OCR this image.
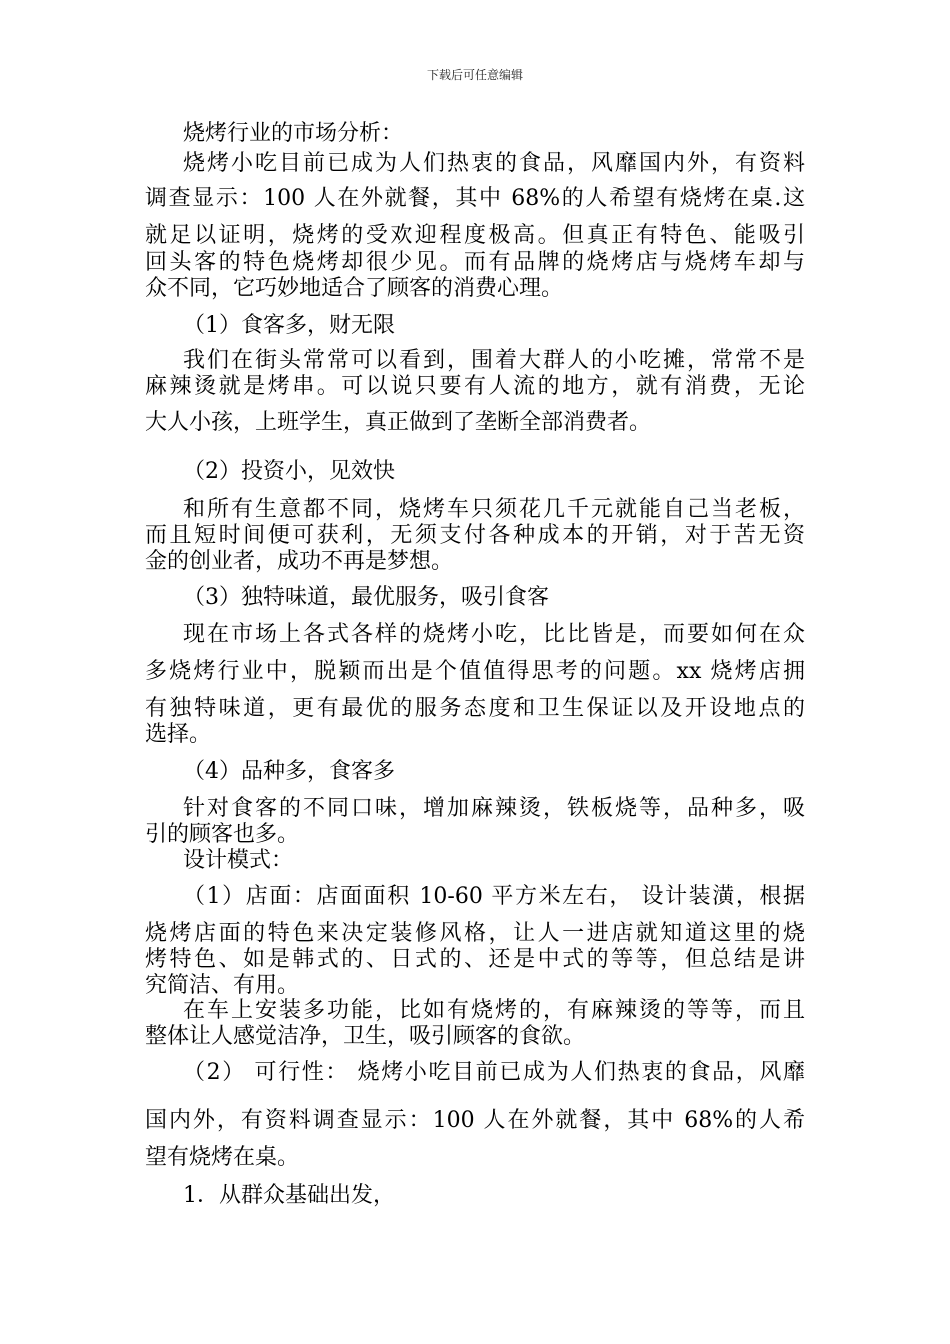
下载后可任意编辑
烧烤行业的市场分析：
烧烤小吃目前已成为人们热衷的食品，风靡国内外，有资料
调查显示：100 人在外就餐，其中 68%的人希望有烧烤在桌.这
就足以证明，烧烤的受欢迎程度极高。但真正有特色、能吸引
回头客的特色烧烤却很少见。而有品牌的烧烤店与烧烤车却与
众不同，它巧妙地适合了顾客的消费心理。
（1）食客多，财无限
我们在街头常常可以看到，围着大群人的小吃摊，常常不是
麻辣烫就是烤串。可以说只要有人流的地方，就有消费，无论
大人小孩，上班学生，真正做到了垄断全部消费者。
（2）投资小，见效快
和所有生意都不同，烧烤车只须花几千元就能自己当老板，
而且短时间便可获利，无须支付各种成本的开销，对于苦无资
金的创业者，成功不再是梦想。
（3）独特味道，最优服务，吸引食客
现在市场上各式各样的烧烤小吃，比比皆是，而要如何在众
多烧烤行业中，脱颖而出是个值值得思考的问题。xx 烧烤店拥
有独特味道，更有最优的服务态度和卫生保证以及开设地点的
选择。
（4）品种多，食客多
针对食客的不同口味，增加麻辣烫，铁板烧等，品种多，吸
引的顾客也多。
设计模式：
（1）店面：店面面积 10-60 平方米左右， 设计装潢，根据
烧烤店面的特色来决定装修风格，让人一进店就知道这里的烧
烤特色、如是韩式的、日式的、还是中式的等等，但总结是讲
究简洁、有用。
在车上安装多功能，比如有烧烤的，有麻辣烫的等等，而且
整体让人感觉洁净，卫生，吸引顾客的食欲。
（2） 可行性： 烧烤小吃目前已成为人们热衷的食品，风靡
国内外，有资料调查显示：100 人在外就餐，其中 68%的人希
望有烧烤在桌。
1．从群众基础出发，
